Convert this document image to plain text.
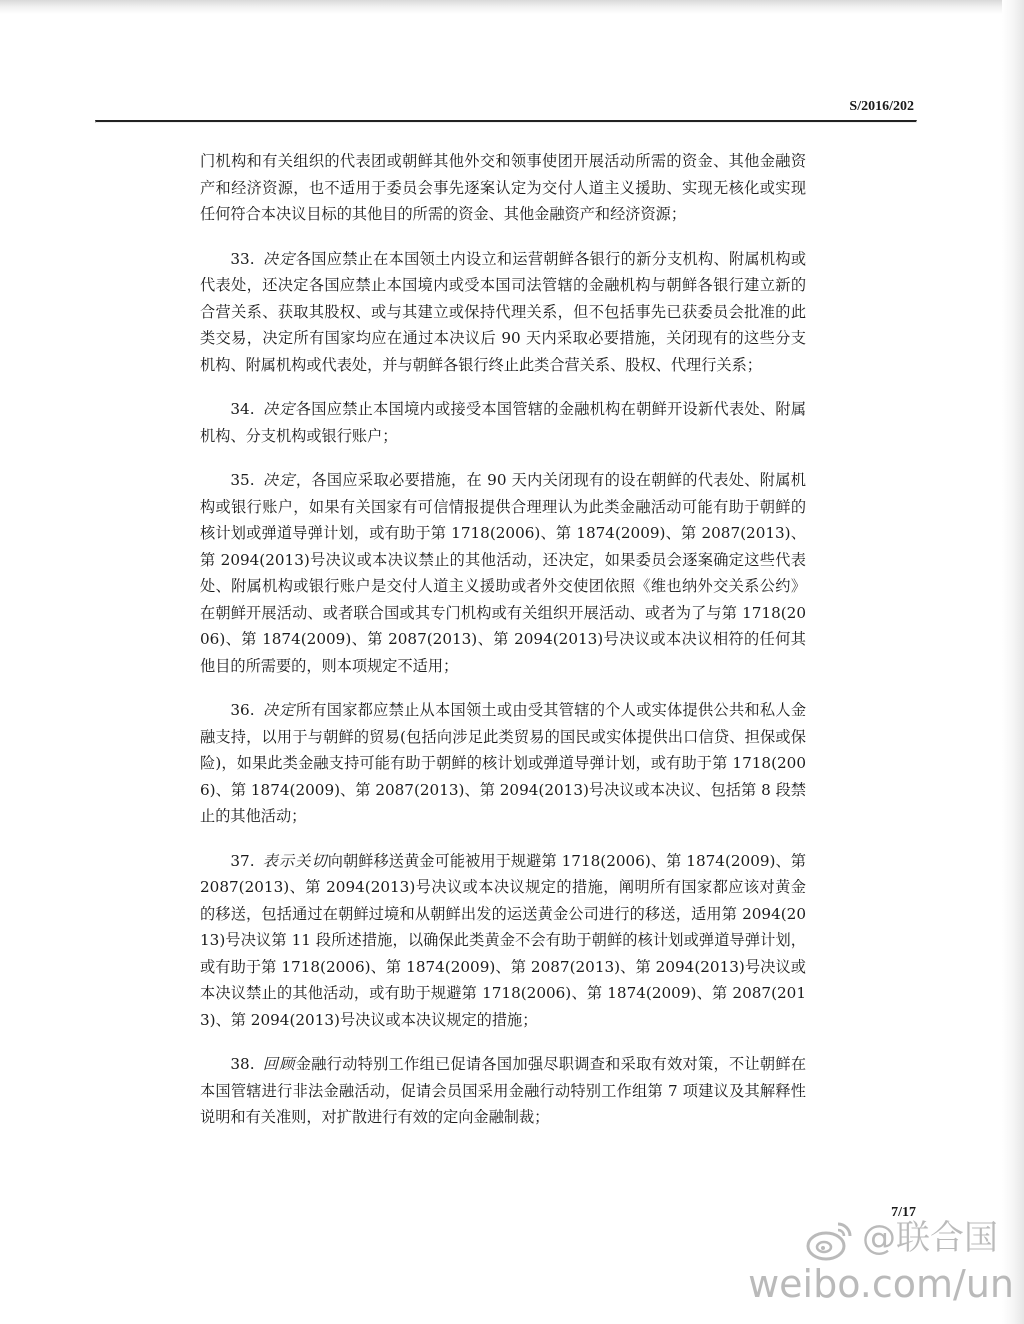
S/2016/202

门机构和有关组织的代表团或朝鲜其他外交和领事使团开展活动所需的资金、其他金融资产和经济资源，也不适用于委员会事先逐案认定为交付人道主义援助、实现无核化或实现任何符合本决议目标的其他目的所需的资金、其他金融资产和经济资源；

33. 决定各国应禁止在本国领土内设立和运营朝鲜各银行的新分支机构、附属机构或代表处，还决定各国应禁止本国境内或受本国司法管辖的金融机构与朝鲜各银行建立新的合营关系、获取其股权、或与其建立或保持代理关系，但不包括事先已获委员会批准的此类交易，决定所有国家均应在通过本决议后 90 天内采取必要措施，关闭现有的这些分支机构、附属机构或代表处，并与朝鲜各银行终止此类合营关系、股权、代理行关系；

34. 决定各国应禁止本国境内或接受本国管辖的金融机构在朝鲜开设新代表处、附属机构、分支机构或银行账户；

35. 决定，各国应采取必要措施，在 90 天内关闭现有的设在朝鲜的代表处、附属机构或银行账户，如果有关国家有可信情报提供合理理认为此类金融活动可能有助于朝鲜的核计划或弹道导弹计划，或有助于第 1718(2006)、第 1874(2009)、第 2087(2013)、第 2094(2013)号决议或本决议禁止的其他活动，还决定，如果委员会逐案确定这些代表处、附属机构或银行账户是交付人道主义援助或者外交使团依照《维也纳外交关系公约》在朝鲜开展活动、或者联合国或其专门机构或有关组织开展活动、或者为了与第 1718(2006)、第 1874(2009)、第 2087(2013)、第 2094(2013)号决议或本决议相符的任何其他目的所需要的，则本项规定不适用；

36. 决定所有国家都应禁止从本国领土或由受其管辖的个人或实体提供公共和私人金融支持，以用于与朝鲜的贸易(包括向涉足此类贸易的国民或实体提供出口信贷、担保或保险)，如果此类金融支持可能有助于朝鲜的核计划或弹道导弹计划，或有助于第 1718(2006)、第 1874(2009)、第 2087(2013)、第 2094(2013)号决议或本决议、包括第 8 段禁止的其他活动；

37. 表示关切向朝鲜移送黄金可能被用于规避第 1718(2006)、第 1874(2009)、第 2087(2013)、第 2094(2013)号决议或本决议规定的措施，阐明所有国家都应该对黄金的移送，包括通过在朝鲜过境和从朝鲜出发的运送黄金公司进行的移送，适用第 2094(2013)号决议第 11 段所述措施，以确保此类黄金不会有助于朝鲜的核计划或弹道导弹计划，或有助于第 1718(2006)、第 1874(2009)、第 2087(2013)、第 2094(2013)号决议或本决议禁止的其他活动，或有助于规避第 1718(2006)、第 1874(2009)、第 2087(2013)、第 2094(2013)号决议或本决议规定的措施；

38. 回顾金融行动特别工作组已促请各国加强尽职调查和采取有效对策，不让朝鲜在本国管辖进行非法金融活动，促请会员国采用金融行动特别工作组第 7 项建议及其解释性说明和有关准则，对扩散进行有效的定向金融制裁；

7/17

@联合国
weibo.com/un
